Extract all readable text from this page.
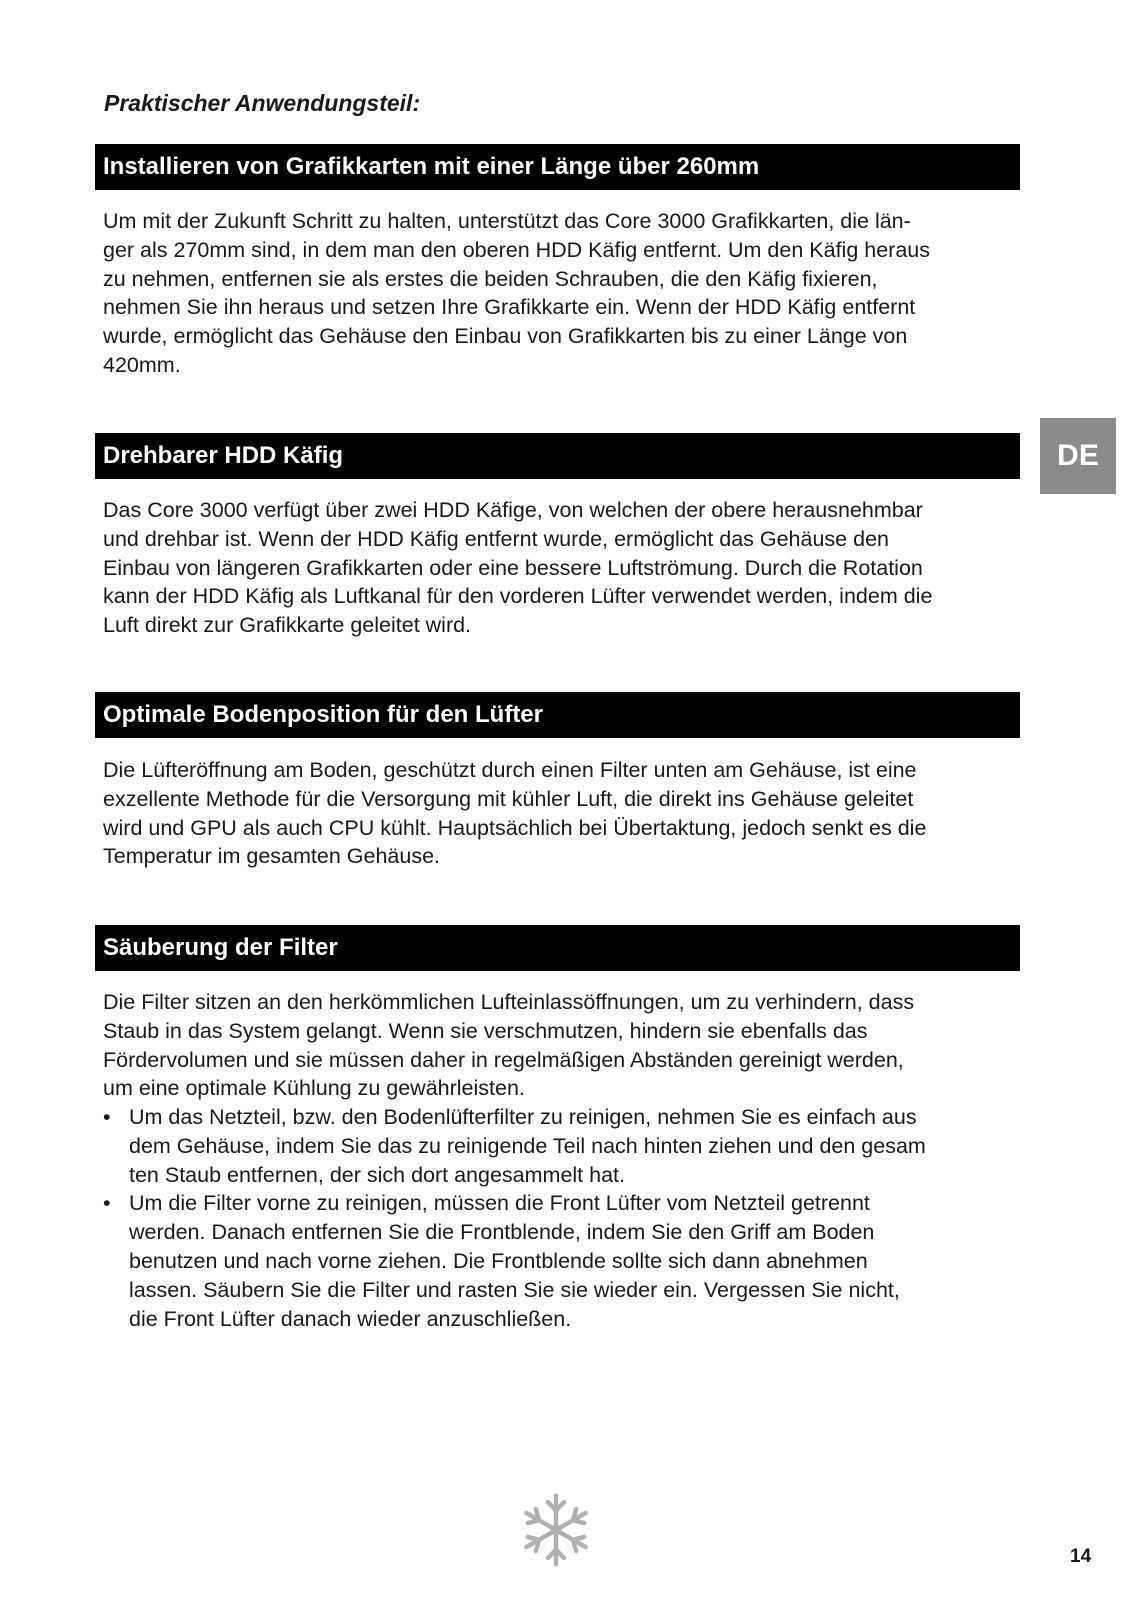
Praktischer Anwendungsteil:
DE
Installieren von Grafikkarten mit einer Länge über 260mm

Um mit der Zukunft Schritt zu halten, unterstützt das Core 3000 Grafikkarten, die län-
ger als 270mm sind, in dem man den oberen HDD Käfig entfernt. Um den Käfig heraus
zu nehmen, entfernen sie als erstes die beiden Schrauben, die den Käfig fixieren,
nehmen Sie ihn heraus und setzen Ihre Grafikkarte ein. Wenn der HDD Käfig entfernt
wurde, ermöglicht das Gehäuse den Einbau von Grafikkarten bis zu einer Länge von
420mm.

Drehbarer HDD Käfig

Das Core 3000 verfügt über zwei HDD Käfige, von welchen der obere herausnehmbar
und drehbar ist. Wenn der HDD Käfig entfernt wurde, ermöglicht das Gehäuse den
Einbau von längeren Grafikkarten oder eine bessere Luftströmung. Durch die Rotation
kann der HDD Käfig als Luftkanal für den vorderen Lüfter verwendet werden, indem die
Luft direkt zur Grafikkarte geleitet wird.

Optimale Bodenposition für den Lüfter

Die Lüfteröffnung am Boden, geschützt durch einen Filter unten am Gehäuse, ist eine
exzellente Methode für die Versorgung mit kühler Luft, die direkt ins Gehäuse geleitet
wird und GPU als auch CPU kühlt. Hauptsächlich bei Übertaktung, jedoch senkt es die
Temperatur im gesamten Gehäuse.

Säuberung der Filter

Die Filter sitzen an den herkömmlichen Lufteinlassöffnungen, um zu verhindern, dass
Staub in das System gelangt. Wenn sie verschmutzen, hindern sie ebenfalls das
Fördervolumen und sie müssen daher in regelmäßigen Abständen gereinigt werden,
um eine optimale Kühlung zu gewährleisten.

• Um das Netzteil, bzw. den Bodenlüfterfilter zu reinigen, nehmen Sie es einfach aus
dem Gehäuse, indem Sie das zu reinigende Teil nach hinten ziehen und den gesam
ten Staub entfernen, der sich dort angesammelt hat.
• Um die Filter vorne zu reinigen, müssen die Front Lüfter vom Netzteil getrennt
werden. Danach entfernen Sie die Frontblende, indem Sie den Griff am Boden
benutzen und nach vorne ziehen. Die Frontblende sollte sich dann abnehmen
lassen. Säubern Sie die Filter und rasten Sie sie wieder ein. Vergessen Sie nicht,
die Front Lüfter danach wieder anzuschließen.
14
